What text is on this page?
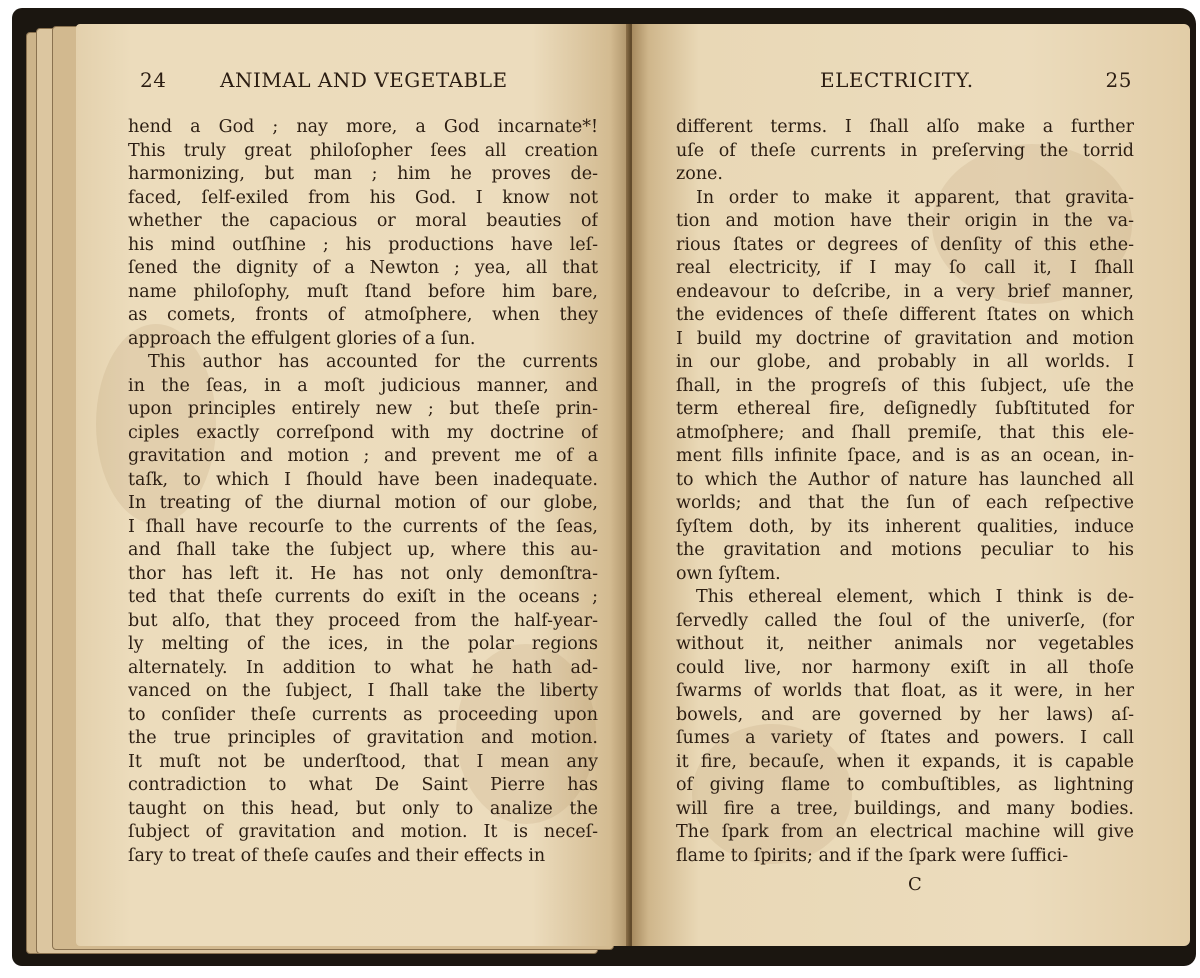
24	ANIMAL AND VEGETABLE
hend a God ; nay more, a God incarnate*!
This truly great philoſopher ſees all creation
harmonizing, but man ; him he proves de-
faced, ſelf-exiled from his God. I know not
whether the capacious or moral beauties of
his mind outſhine ; his productions have leſ-
ſened the dignity of a Newton ; yea, all that
name philoſophy, muſt ſtand before him bare,
as comets, fronts of atmoſphere, when they
approach the effulgent glories of a ſun.
This author has accounted for the currents
in the ſeas, in a moſt judicious manner, and
upon principles entirely new ; but theſe prin-
ciples exactly correſpond with my doctrine of
gravitation and motion ; and prevent me of a
taſk, to which I ſhould have been inadequate.
In treating of the diurnal motion of our globe,
I ſhall have recourſe to the currents of the ſeas,
and ſhall take the ſubject up, where this au-
thor has left it. He has not only demonſtra-
ted that theſe currents do exiſt in the oceans ;
but alſo, that they proceed from the half-year-
ly melting of the ices, in the polar regions
alternately. In addition to what he hath ad-
vanced on the ſubject, I ſhall take the liberty
to conſider theſe currents as proceeding upon
the true principles of gravitation and motion.
It muſt not be underſtood, that I mean any
contradiction to what De Saint Pierre has
taught on this head, but only to analize the
ſubject of gravitation and motion. It is neceſ-
ſary to treat of theſe cauſes and their effects in
ELECTRICITY.	25
different terms. I ſhall alſo make a further
uſe of theſe currents in preſerving the torrid
zone.
In order to make it apparent, that gravita-
tion and motion have their origin in the va-
rious ſtates or degrees of denſity of this ethe-
real electricity, if I may ſo call it, I ſhall
endeavour to deſcribe, in a very brief manner,
the evidences of theſe different ſtates on which
I build my doctrine of gravitation and motion
in our globe, and probably in all worlds. I
ſhall, in the progreſs of this ſubject, uſe the
term ethereal fire, deſignedly ſubſtituted for
atmoſphere; and ſhall premiſe, that this ele-
ment fills infinite ſpace, and is as an ocean, in-
to which the Author of nature has launched all
worlds; and that the ſun of each reſpective
ſyſtem doth, by its inherent qualities, induce
the gravitation and motions peculiar to his
own ſyſtem.
This ethereal element, which I think is de-
ſervedly called the ſoul of the univerſe, (for
without it, neither animals nor vegetables
could live, nor harmony exiſt in all thoſe
ſwarms of worlds that float, as it were, in her
bowels, and are governed by her laws) aſ-
ſumes a variety of ſtates and powers. I call
it fire, becauſe, when it expands, it is capable
of giving flame to combuſtibles, as lightning
will fire a tree, buildings, and many bodies.
The ſpark from an electrical machine will give
flame to ſpirits; and if the ſpark were ſuffici-
C
